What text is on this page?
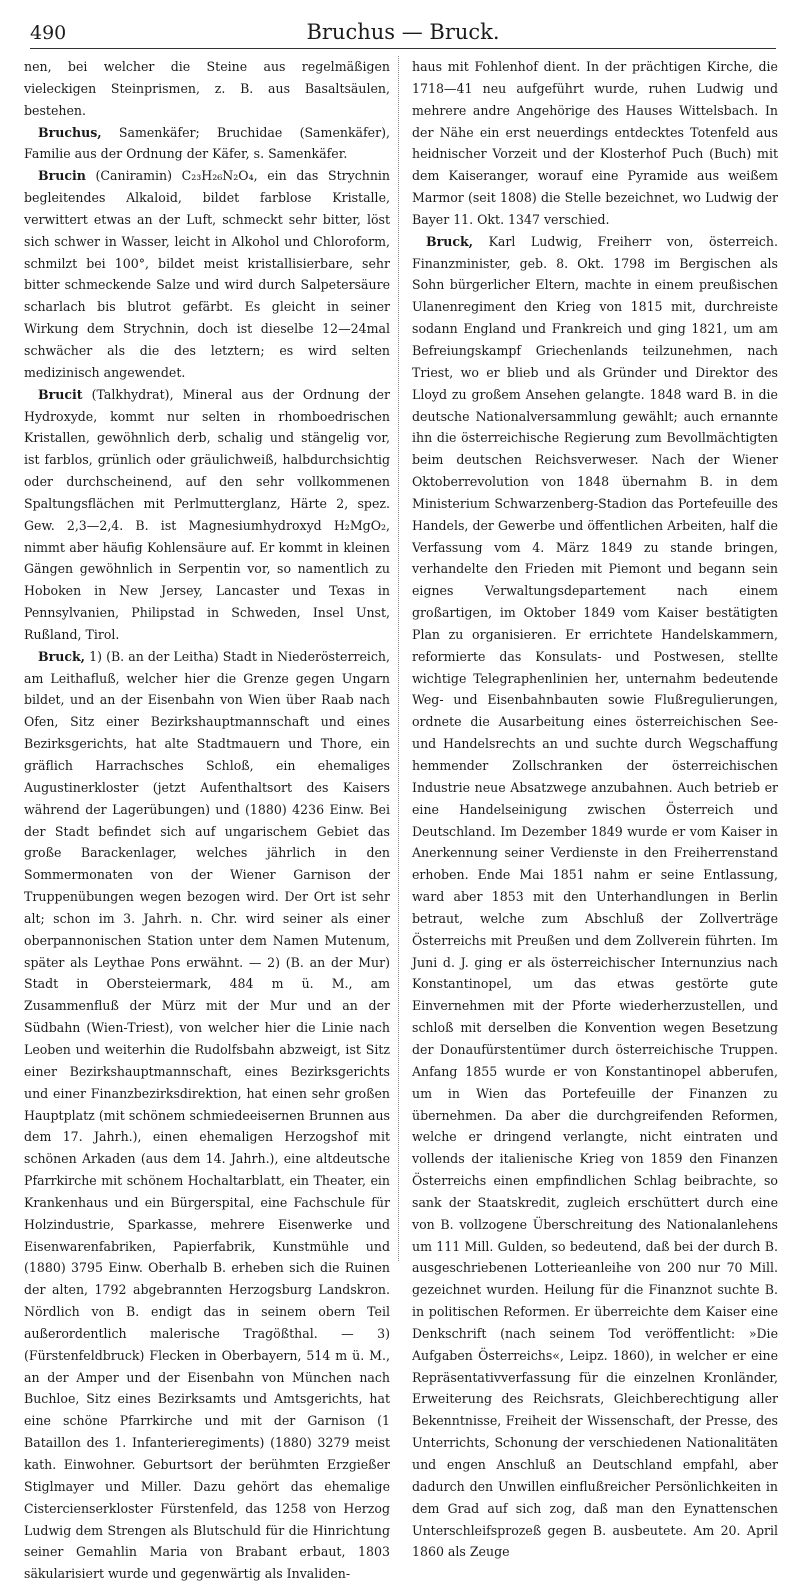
490	Bruchus — Bruck.

nen, bei welcher die Steine aus regelmäßigen vieleckigen Steinprismen, z. B. aus Basaltsäulen, bestehen.

Bruchus, Samenkäfer; Bruchidae (Samenkäfer), Familie aus der Ordnung der Käfer, s. Samenkäfer.

Brucin (Caniramin) C₂₃H₂₆N₂O₄, ein das Strychnin begleitendes Alkaloid, bildet farblose Kristalle, verwittert etwas an der Luft, schmeckt sehr bitter, löst sich schwer in Wasser, leicht in Alkohol und Chloroform, schmilzt bei 100°, bildet meist kristallisierbare, sehr bitter schmeckende Salze und wird durch Salpetersäure scharlach bis blutrot gefärbt. Es gleicht in seiner Wirkung dem Strychnin, doch ist dieselbe 12—24mal schwächer als die des letztern; es wird selten medizinisch angewendet.

Brucit (Talkhydrat), Mineral aus der Ordnung der Hydroxyde, kommt nur selten in rhomboedrischen Kristallen, gewöhnlich derb, schalig und stängelig vor, ist farblos, grünlich oder gräulichweiß, halbdurchsichtig oder durchscheinend, auf den sehr vollkommenen Spaltungsflächen mit Perlmutterglanz, Härte 2, spez. Gew. 2,3—2,4. B. ist Magnesiumhydroxyd H₂MgO₂, nimmt aber häufig Kohlensäure auf. Er kommt in kleinen Gängen gewöhnlich in Serpentin vor, so namentlich zu Hoboken in New Jersey, Lancaster und Texas in Pennsylvanien, Philipstad in Schweden, Insel Unst, Rußland, Tirol.

Bruck, 1) (B. an der Leitha) Stadt in Niederösterreich, am Leithafluß, welcher hier die Grenze gegen Ungarn bildet, und an der Eisenbahn von Wien über Raab nach Ofen, Sitz einer Bezirkshauptmannschaft und eines Bezirksgerichts, hat alte Stadtmauern und Thore, ein gräflich Harrachsches Schloß, ein ehemaliges Augustinerkloster (jetzt Aufenthaltsort des Kaisers während der Lagerübungen) und (1880) 4236 Einw. Bei der Stadt befindet sich auf ungarischem Gebiet das große Barackenlager, welches jährlich in den Sommermonaten von der Wiener Garnison der Truppenübungen wegen bezogen wird. Der Ort ist sehr alt; schon im 3. Jahrh. n. Chr. wird seiner als einer oberpannonischen Station unter dem Namen Mutenum, später als Leythae Pons erwähnt. — 2) (B. an der Mur) Stadt in Obersteiermark, 484 m ü. M., am Zusammenfluß der Mürz mit der Mur und an der Südbahn (Wien-Triest), von welcher hier die Linie nach Leoben und weiterhin die Rudolfsbahn abzweigt, ist Sitz einer Bezirkshauptmannschaft, eines Bezirksgerichts und einer Finanzbezirksdirektion, hat einen sehr großen Hauptplatz (mit schönem schmiedeeisernen Brunnen aus dem 17. Jahrh.), einen ehemaligen Herzogshof mit schönen Arkaden (aus dem 14. Jahrh.), eine altdeutsche Pfarrkirche mit schönem Hochaltarblatt, ein Theater, ein Krankenhaus und ein Bürgerspital, eine Fachschule für Holzindustrie, Sparkasse, mehrere Eisenwerke und Eisenwarenfabriken, Papierfabrik, Kunstmühle und (1880) 3795 Einw. Oberhalb B. erheben sich die Ruinen der alten, 1792 abgebrannten Herzogsburg Landskron. Nördlich von B. endigt das in seinem obern Teil außerordentlich malerische Tragößthal. — 3) (Fürstenfeldbruck) Flecken in Oberbayern, 514 m ü. M., an der Amper und der Eisenbahn von München nach Buchloe, Sitz eines Bezirksamts und Amtsgerichts, hat eine schöne Pfarrkirche und mit der Garnison (1 Bataillon des 1. Infanterieregiments) (1880) 3279 meist kath. Einwohner. Geburtsort der berühmten Erzgießer Stiglmayer und Miller. Dazu gehört das ehemalige Cistercienserkloster Fürstenfeld, das 1258 von Herzog Ludwig dem Strengen als Blutschuld für die Hinrichtung seiner Gemahlin Maria von Brabant erbaut, 1803 säkularisiert wurde und gegenwärtig als Invaliden-

haus mit Fohlenhof dient. In der prächtigen Kirche, die 1718—41 neu aufgeführt wurde, ruhen Ludwig und mehrere andre Angehörige des Hauses Wittelsbach. In der Nähe ein erst neuerdings entdecktes Totenfeld aus heidnischer Vorzeit und der Klosterhof Puch (Buch) mit dem Kaiseranger, worauf eine Pyramide aus weißem Marmor (seit 1808) die Stelle bezeichnet, wo Ludwig der Bayer 11. Okt. 1347 verschied.

Bruck, Karl Ludwig, Freiherr von, österreich. Finanzminister, geb. 8. Okt. 1798 im Bergischen als Sohn bürgerlicher Eltern, machte in einem preußischen Ulanenregiment den Krieg von 1815 mit, durchreiste sodann England und Frankreich und ging 1821, um am Befreiungskampf Griechenlands teilzunehmen, nach Triest, wo er blieb und als Gründer und Direktor des Lloyd zu großem Ansehen gelangte. 1848 ward B. in die deutsche Nationalversammlung gewählt; auch ernannte ihn die österreichische Regierung zum Bevollmächtigten beim deutschen Reichsverweser. Nach der Wiener Oktoberrevolution von 1848 übernahm B. in dem Ministerium Schwarzenberg-Stadion das Portefeuille des Handels, der Gewerbe und öffentlichen Arbeiten, half die Verfassung vom 4. März 1849 zu stande bringen, verhandelte den Frieden mit Piemont und begann sein eignes Verwaltungsdepartement nach einem großartigen, im Oktober 1849 vom Kaiser bestätigten Plan zu organisieren. Er errichtete Handelskammern, reformierte das Konsulats- und Postwesen, stellte wichtige Telegraphenlinien her, unternahm bedeutende Weg- und Eisenbahnbauten sowie Flußregulierungen, ordnete die Ausarbeitung eines österreichischen See- und Handelsrechts an und suchte durch Wegschaffung hemmender Zollschranken der österreichischen Industrie neue Absatzwege anzubahnen. Auch betrieb er eine Handelseinigung zwischen Österreich und Deutschland. Im Dezember 1849 wurde er vom Kaiser in Anerkennung seiner Verdienste in den Freiherrenstand erhoben. Ende Mai 1851 nahm er seine Entlassung, ward aber 1853 mit den Unterhandlungen in Berlin betraut, welche zum Abschluß der Zollverträge Österreichs mit Preußen und dem Zollverein führten. Im Juni d. J. ging er als österreichischer Internunzius nach Konstantinopel, um das etwas gestörte gute Einvernehmen mit der Pforte wiederherzustellen, und schloß mit derselben die Konvention wegen Besetzung der Donaufürstentümer durch österreichische Truppen. Anfang 1855 wurde er von Konstantinopel abberufen, um in Wien das Portefeuille der Finanzen zu übernehmen. Da aber die durchgreifenden Reformen, welche er dringend verlangte, nicht eintraten und vollends der italienische Krieg von 1859 den Finanzen Österreichs einen empfindlichen Schlag beibrachte, so sank der Staatskredit, zugleich erschüttert durch eine von B. vollzogene Überschreitung des Nationalanlehens um 111 Mill. Gulden, so bedeutend, daß bei der durch B. ausgeschriebenen Lotterieanleihe von 200 nur 70 Mill. gezeichnet wurden. Heilung für die Finanznot suchte B. in politischen Reformen. Er überreichte dem Kaiser eine Denkschrift (nach seinem Tod veröffentlicht: »Die Aufgaben Österreichs«, Leipz. 1860), in welcher er eine Repräsentativverfassung für die einzelnen Kronländer, Erweiterung des Reichsrats, Gleichberechtigung aller Bekenntnisse, Freiheit der Wissenschaft, der Presse, des Unterrichts, Schonung der verschiedenen Nationalitäten und engen Anschluß an Deutschland empfahl, aber dadurch den Unwillen einflußreicher Persönlichkeiten in dem Grad auf sich zog, daß man den Eynattenschen Unterschleifsprozeß gegen B. ausbeutete. Am 20. April 1860 als Zeuge
